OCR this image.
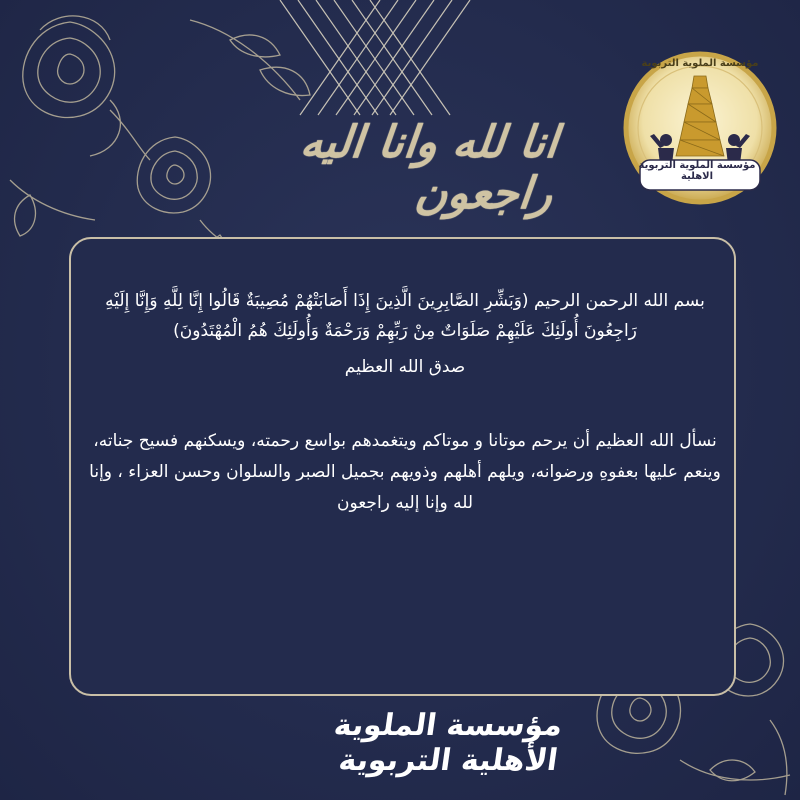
انا لله وانا اليه راجعون
مؤسسة الملوية التربوية
مؤسسة الملوية التربوية الاهلية

بسم الله الرحمن الرحيم (وَبَشِّرِ الصَّابِرِينَ الَّذِينَ إِذَا أَصَابَتْهُمْ مُصِيبَةٌ قَالُوا إِنَّا لِلَّهِ وَإِنَّا إِلَيْهِ رَاجِعُونَ أُولَئِكَ عَلَيْهِمْ صَلَوَاتٌ مِنْ رَبِّهِمْ وَرَحْمَةٌ وَأُولَئِكَ هُمُ الْمُهْتَدُونَ)

صدق الله العظيم

نسأل الله العظيم أن يرحم موتانا و موتاكم ويتغمدهم بواسع رحمته، ويسكنهم فسيح جناته، وينعم عليها بعفوهِ ورضوانه، ويلهم أهلهم وذويهم بجميل الصبر والسلوان وحسن العزاء ، وإنا لله وإنا إليه راجعون

مؤسسة الملوية الأهلية التربوية
